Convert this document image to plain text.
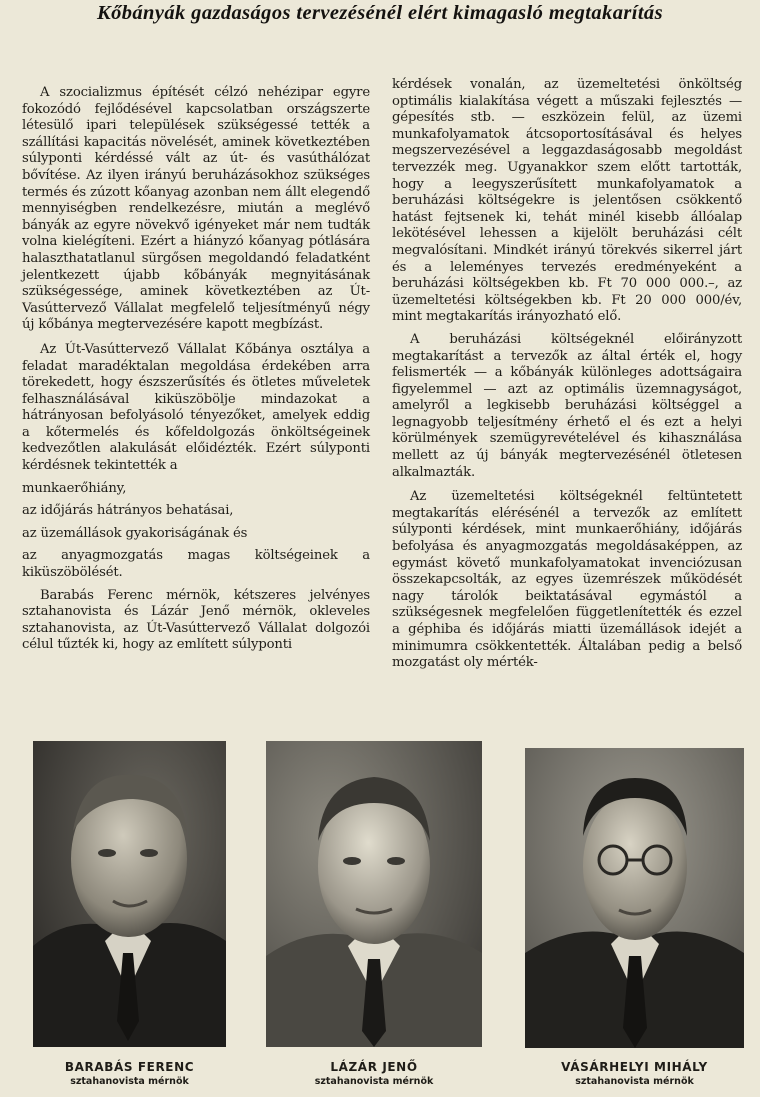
Kőbányák gazdaságos tervezésénél elért kimagasló megtakarítás

A szocializmus építését célzó nehézipar egyre fokozódó fejlődésével kapcsolatban országszerte létesülő ipari települések szükségessé tették a szállítási kapacitás növelését, aminek következtében súlyponti kérdéssé vált az út- és vasúthálózat bővítése. Az ilyen irányú beruházásokhoz szükséges termés és zúzott kőanyag azonban nem állt elegendő mennyiségben rendelkezésre, miután a meglévő bányák az egyre növekvő igényeket már nem tudták volna kielégíteni. Ezért a hiányzó kőanyag pótlására halaszthatatlanul sürgősen megoldandó feladatként jelentkezett újabb kőbányák megnyitásának szükségessége, aminek következtében az Út-Vasúttervező Vállalat megfelelő teljesítményű négy új kőbánya megtervezésére kapott megbízást.

Az Út-Vasúttervező Vállalat Kőbánya osztálya a feladat maradéktalan megoldása érdekében arra törekedett, hogy észszerűsítés és ötletes műveletek felhasználásával kiküszöbölje mindazokat a hátrányosan befolyásoló tényezőket, amelyek eddig a kőtermelés és kőfeldolgozás önköltségeinek kedvezőtlen alakulását előidézték. Ezért súlyponti kérdésnek tekintették a

munkaerőhiány,
az időjárás hátrányos behatásai,
az üzemállások gyakoriságának és
az anyagmozgatás magas költségeinek a kiküszöbölését.

Barabás Ferenc mérnök, kétszeres jelvényes sztahanovista és Lázár Jenő mérnök, okleveles sztahanovista, az Út-Vasúttervező Vállalat dolgozói célul tűzték ki, hogy az említett súlyponti

kérdések vonalán, az üzemeltetési önköltség optimális kialakítása végett a műszaki fejlesztés — gépesítés stb. — eszközein felül, az üzemi munkafolyamatok átcsoportosításával és helyes megszervezésével a leggazdaságosabb megoldást tervezzék meg. Ugyanakkor szem előtt tartották, hogy a leegyszerűsített munkafolyamatok a beruházási költségekre is jelentősen csökkentő hatást fejtsenek ki, tehát minél kisebb állóalap lekötésével lehessen a kijelölt beruházási célt megvalósítani. Mindkét irányú törekvés sikerrel járt és a leleményes tervezés eredményeként a beruházási költségekben kb. Ft 70 000 000.–, az üzemeltetési költségekben kb. Ft 20 000 000/év, mint megtakarítás irányozható elő.

A beruházási költségeknél előirányzott megtakarítást a tervezők az által érték el, hogy felismerték — a kőbányák különleges adottságaira figyelemmel — azt az optimális üzemnagyságot, amelyről a legkisebb beruházási költséggel a legnagyobb teljesítmény érhető el és ezt a helyi körülmények szemügyrevételével és kihasználása mellett az új bányák megtervezésénél ötletesen alkalmazták.

Az üzemeltetési költségeknél feltüntetett megtakarítás elérésénél a tervezők az említett súlyponti kérdések, mint munkaerőhiány, időjárás befolyása és anyagmozgatás megoldásaképpen, az egymást követő munkafolyamatokat invenciózusan összekapcsolták, az egyes üzemrészek működését nagy tárolók beiktatásával egymástól a szükségesnek megfelelően függetlenítették és ezzel a géphiba és időjárás miatti üzemállások idejét a minimumra csökkentették. Általában pedig a belső mozgatást oly mérték-

BARABÁS FERENC
sztahanovista mérnök
LÁZÁR JENŐ
sztahanovista mérnök
VÁSÁRHELYI MIHÁLY
sztahanovista mérnök
